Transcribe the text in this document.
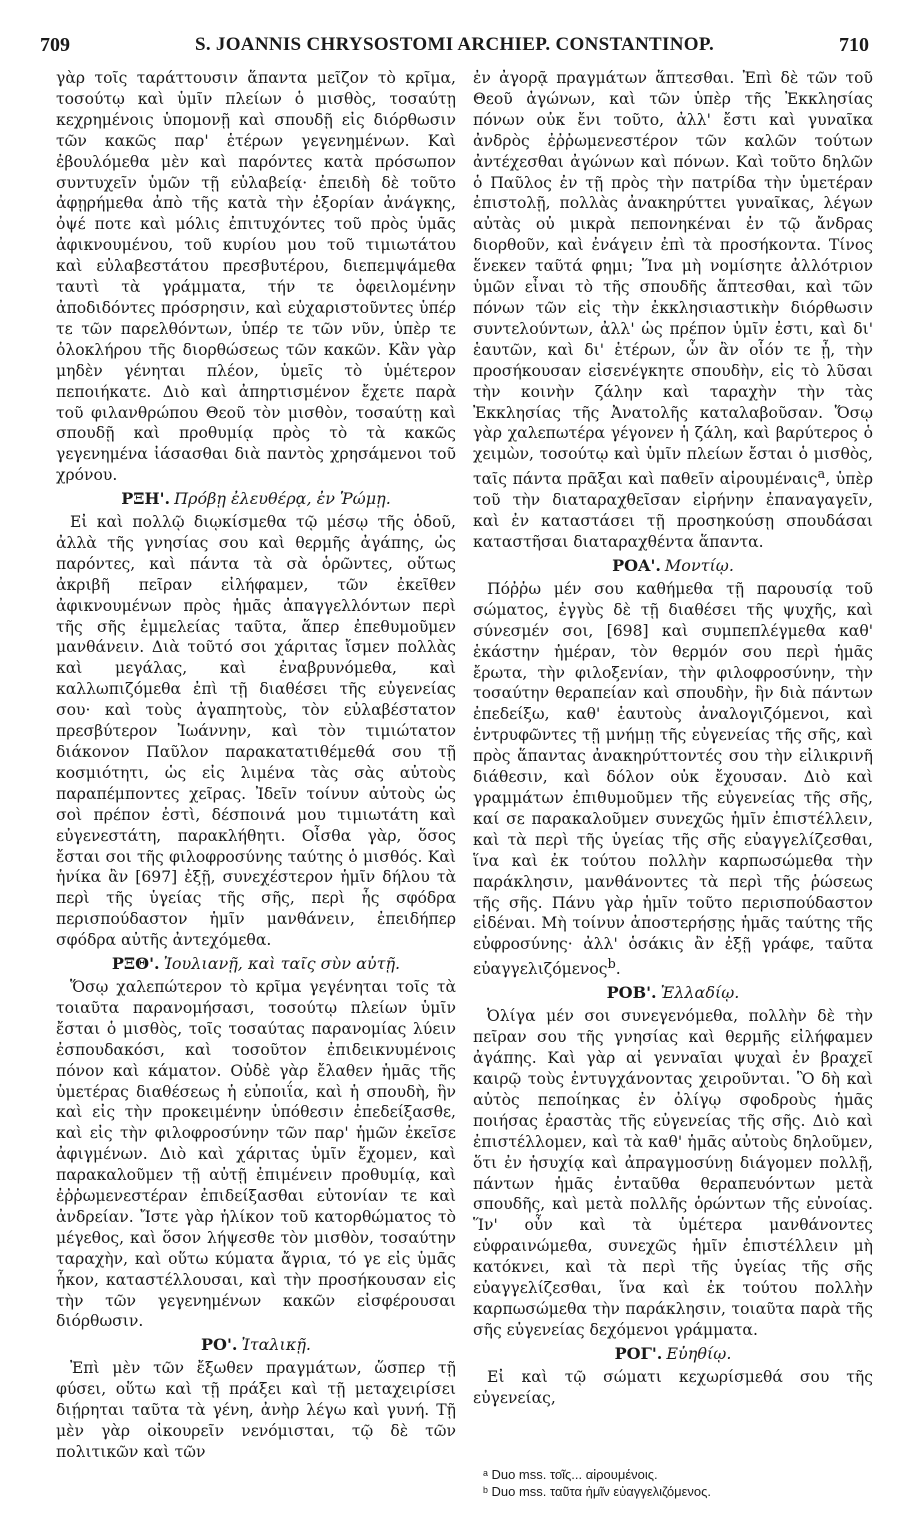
709	S. JOANNIS CHRYSOSTOMI ARCHIEP. CONSTANTINOP.	710

γὰρ τοῖς ταράττουσιν ἅπαντα μεῖζον τὸ κρῖμα, τοσούτῳ καὶ ὑμῖν πλείων ὁ μισθὸς, τοσαύτῃ κεχρημένοις ὑπομονῇ καὶ σπουδῇ εἰς διόρθωσιν τῶν κακῶς παρ' ἑτέρων γεγενημένων. Καὶ ἐβουλόμεθα μὲν καὶ παρόντες κατὰ πρόσωπον συντυχεῖν ὑμῶν τῇ εὐλαβείᾳ· ἐπειδὴ δὲ τοῦτο ἀφῃρήμεθα ἀπὸ τῆς κατὰ τὴν ἐξορίαν ἀνάγκης, ὀψέ ποτε καὶ μόλις ἐπιτυχόντες τοῦ πρὸς ὑμᾶς ἀφικνουμένου, τοῦ κυρίου μου τοῦ τιμιωτάτου καὶ εὐλαβεστάτου πρεσβυτέρου, διεπεμψάμεθα ταυτὶ τὰ γράμματα, τήν τε ὀφειλομένην ἀποδιδόντες πρόσρησιν, καὶ εὐχαριστοῦντες ὑπέρ τε τῶν παρελθόντων, ὑπέρ τε τῶν νῦν, ὑπὲρ τε ὁλοκλήρου τῆς διορθώσεως τῶν κακῶν. Κἂν γὰρ μηδὲν γένηται πλέον, ὑμεῖς τὸ ὑμέτερον πεποιήκατε. Διὸ καὶ ἀπηρτισμένον ἔχετε παρὰ τοῦ φιλανθρώπου Θεοῦ τὸν μισθὸν, τοσαύτῃ καὶ σπουδῇ καὶ προθυμίᾳ πρὸς τὸ τὰ κακῶς γεγενημένα ἰάσασθαι διὰ παντὸς χρησάμενοι τοῦ χρόνου.

ΡΞΗ'. Πρόβῃ ἐλευθέρᾳ, ἐν Ῥώμῃ.

Εἰ καὶ πολλῷ διῳκίσμεθα τῷ μέσῳ τῆς ὁδοῦ, ἀλλὰ τῆς γνησίας σου καὶ θερμῆς ἀγάπης, ὡς παρόντες, καὶ πάντα τὰ σὰ ὁρῶντες, οὕτως ἀκριβῆ πεῖραν εἰλήφαμεν, τῶν ἐκεῖθεν ἀφικνουμένων πρὸς ἡμᾶς ἀπαγγελλόντων περὶ τῆς σῆς ἐμμελείας ταῦτα, ἅπερ ἐπεθυμοῦμεν μανθάνειν. Διὰ τοῦτό σοι χάριτας ἴσμεν πολλὰς καὶ μεγάλας, καὶ ἐναβρυνόμεθα, καὶ καλλωπιζόμεθα ἐπὶ τῇ διαθέσει τῆς εὐγενείας σου· καὶ τοὺς ἀγαπητοὺς, τὸν εὐλαβέστατον πρεσβύτερον Ἰωάννην, καὶ τὸν τιμιώτατον διάκονον Παῦλον παρακατατιθέμεθά σου τῇ κοσμιότητι, ὡς εἰς λιμένα τὰς σὰς αὐτοὺς παραπέμποντες χεῖρας. Ἰδεῖν τοίνυν αὐτοὺς ὡς σοὶ πρέπον ἐστὶ, δέσποινά μου τιμιωτάτη καὶ εὐγενεστάτη, παρακλήθητι. Οἶσθα γὰρ, ὅσος ἔσται σοι τῆς φιλοφροσύνης ταύτης ὁ μισθός. Καὶ ἡνίκα ἂν [697] ἐξῇ, συνεχέστερον ἡμῖν δήλου τὰ περὶ τῆς ὑγείας τῆς σῆς, περὶ ἧς σφόδρα περισπούδαστον ἡμῖν μανθάνειν, ἐπειδήπερ σφόδρα αὐτῆς ἀντεχόμεθα.

ΡΞΘ'. Ἰουλιανῇ, καὶ ταῖς σὺν αὐτῇ.

Ὅσῳ χαλεπώτερον τὸ κρῖμα γεγένηται τοῖς τὰ τοιαῦτα παρανομήσασι, τοσούτῳ πλείων ὑμῖν ἔσται ὁ μισθὸς, τοῖς τοσαύτας παρανομίας λύειν ἐσπουδακόσι, καὶ τοσοῦτον ἐπιδεικνυμένοις πόνον καὶ κάματον. Οὐδὲ γὰρ ἔλαθεν ἡμᾶς τῆς ὑμετέρας διαθέσεως ἡ εὐποιΐα, καὶ ἡ σπουδὴ, ἣν καὶ εἰς τὴν προκειμένην ὑπόθεσιν ἐπεδείξασθε, καὶ εἰς τὴν φιλοφροσύνην τῶν παρ' ἡμῶν ἐκεῖσε ἀφιγμένων. Διὸ καὶ χάριτας ὑμῖν ἔχομεν, καὶ παρακαλοῦμεν τῇ αὐτῇ ἐπιμένειν προθυμίᾳ, καὶ ἐῤῥωμενεστέραν ἐπιδείξασθαι εὐτονίαν τε καὶ ἀνδρείαν. Ἴστε γὰρ ἡλίκον τοῦ κατορθώματος τὸ μέγεθος, καὶ ὅσον λήψεσθε τὸν μισθὸν, τοσαύτην ταραχὴν, καὶ οὕτω κύματα ἄγρια, τό γε εἰς ὑμᾶς ἧκον, καταστέλλουσαι, καὶ τὴν προσήκουσαν εἰς τὴν τῶν γεγενημένων κακῶν εἰσφέρουσαι διόρθωσιν.

ΡΟ'. Ἰταλικῇ.

Ἐπὶ μὲν τῶν ἔξωθεν πραγμάτων, ὥσπερ τῇ φύσει, οὕτω καὶ τῇ πράξει καὶ τῇ μεταχειρίσει διῄρηται ταῦτα τὰ γένη, ἀνὴρ λέγω καὶ γυνή. Τῇ μὲν γὰρ οἰκουρεῖν νενόμισται, τῷ δὲ τῶν πολιτικῶν καὶ τῶν

ἐν ἀγορᾷ πραγμάτων ἅπτεσθαι. Ἐπὶ δὲ τῶν τοῦ Θεοῦ ἀγώνων, καὶ τῶν ὑπὲρ τῆς Ἐκκλησίας πόνων οὐκ ἔνι τοῦτο, ἀλλ' ἔστι καὶ γυναῖκα ἀνδρὸς ἐῤῥωμενεστέρον τῶν καλῶν τούτων ἀντέχεσθαι ἀγώνων καὶ πόνων. Καὶ τοῦτο δηλῶν ὁ Παῦλος ἐν τῇ πρὸς τὴν πατρίδα τὴν ὑμετέραν ἐπιστολῇ, πολλὰς ἀνακηρύττει γυναῖκας, λέγων αὐτὰς οὐ μικρὰ πεπονηκέναι ἐν τῷ ἄνδρας διορθοῦν, καὶ ἐνάγειν ἐπὶ τὰ προσήκοντα. Τίνος ἕνεκεν ταῦτά φημι; Ἵνα μὴ νομίσητε ἀλλότριον ὑμῶν εἶναι τὸ τῆς σπουδῆς ἅπτεσθαι, καὶ τῶν πόνων τῶν εἰς τὴν ἐκκλησιαστικὴν διόρθωσιν συντελούντων, ἀλλ' ὡς πρέπον ὑμῖν ἐστι, καὶ δι' ἑαυτῶν, καὶ δι' ἑτέρων, ὧν ἂν οἷόν τε ᾖ, τὴν προσήκουσαν εἰσενέγκητε σπουδὴν, εἰς τὸ λῦσαι τὴν κοινὴν ζάλην καὶ ταραχὴν τὴν τὰς Ἐκκλησίας τῆς Ἀνατολῆς καταλαβοῦσαν. Ὅσῳ γὰρ χαλεπωτέρα γέγονεν ἡ ζάλη, καὶ βαρύτερος ὁ χειμὼν, τοσούτῳ καὶ ὑμῖν πλείων ἔσται ὁ μισθὸς, ταῖς πάντα πρᾶξαι καὶ παθεῖν αἱρουμέναις$^a$, ὑπὲρ τοῦ τὴν διαταραχθεῖσαν εἰρήνην ἐπαναγαγεῖν, καὶ ἐν καταστάσει τῇ προσηκούσῃ σπουδάσαι καταστῆσαι διαταραχθέντα ἅπαντα.

ΡΟΑ'. Μοντίῳ.

Πόῤῥω μέν σου καθήμεθα τῇ παρουσίᾳ τοῦ σώματος, ἐγγὺς δὲ τῇ διαθέσει τῆς ψυχῆς, καὶ σύνεσμέν σοι, [698] καὶ συμπεπλέγμεθα καθ' ἑκάστην ἡμέραν, τὸν θερμόν σου περὶ ἡμᾶς ἔρωτα, τὴν φιλοξενίαν, τὴν φιλοφροσύνην, τὴν τοσαύτην θεραπείαν καὶ σπουδὴν, ἣν διὰ πάντων ἐπεδείξω, καθ' ἑαυτοὺς ἀναλογιζόμενοι, καὶ ἐντρυφῶντες τῇ μνήμῃ τῆς εὐγενείας τῆς σῆς, καὶ πρὸς ἅπαντας ἀνακηρύττοντές σου τὴν εἰλικρινῆ διάθεσιν, καὶ δόλον οὐκ ἔχουσαν. Διὸ καὶ γραμμάτων ἐπιθυμοῦμεν τῆς εὐγενείας τῆς σῆς, καί σε παρακαλοῦμεν συνεχῶς ἡμῖν ἐπιστέλλειν, καὶ τὰ περὶ τῆς ὑγείας τῆς σῆς εὐαγγελίζεσθαι, ἵνα καὶ ἐκ τούτου πολλὴν καρπωσώμεθα τὴν παράκλησιν, μανθάνοντες τὰ περὶ τῆς ῥώσεως τῆς σῆς. Πάνυ γὰρ ἡμῖν τοῦτο περισπούδαστον εἰδέναι. Μὴ τοίνυν ἀποστερήσῃς ἡμᾶς ταύτης τῆς εὐφροσύνης· ἀλλ' ὁσάκις ἂν ἐξῇ γράφε, ταῦτα εὐαγγελιζόμενος$^b$.

ΡΟΒ'. Ἐλλαδίῳ.

Ὀλίγα μέν σοι συνεγενόμεθα, πολλὴν δὲ τὴν πεῖραν σου τῆς γνησίας καὶ θερμῆς εἰλήφαμεν ἀγάπης. Καὶ γὰρ αἱ γενναῖαι ψυχαὶ ἐν βραχεῖ καιρῷ τοὺς ἐντυγχάνοντας χειροῦνται. Ὃ δὴ καὶ αὐτὸς πεποίηκας ἐν ὀλίγῳ σφοδροὺς ἡμᾶς ποιήσας ἐραστὰς τῆς εὐγενείας τῆς σῆς. Διὸ καὶ ἐπιστέλλομεν, καὶ τὰ καθ' ἡμᾶς αὐτοὺς δηλοῦμεν, ὅτι ἐν ἡσυχίᾳ καὶ ἀπραγμοσύνῃ διάγομεν πολλῇ, πάντων ἡμᾶς ἐνταῦθα θεραπευόντων μετὰ σπουδῆς, καὶ μετὰ πολλῆς ὁρώντων τῆς εὐνοίας. Ἵν' οὖν καὶ τὰ ὑμέτερα μανθάνοντες εὐφραινώμεθα, συνεχῶς ἡμῖν ἐπιστέλλειν μὴ κατόκνει, καὶ τὰ περὶ τῆς ὑγείας τῆς σῆς εὐαγγελίζεσθαι, ἵνα καὶ ἐκ τούτου πολλὴν καρπωσώμεθα τὴν παράκλησιν, τοιαῦτα παρὰ τῆς σῆς εὐγενείας δεχόμενοι γράμματα.

ΡΟΓ'. Εὐηθίῳ.

Εἰ καὶ τῷ σώματι κεχωρίσμεθά σου τῆς εὐγενείας,

ᵃ Duo mss. τοῖς... αἱρουμένοις.
ᵇ Duo mss. ταῦτα ἡμῖν εὐαγγελιζόμενος.
